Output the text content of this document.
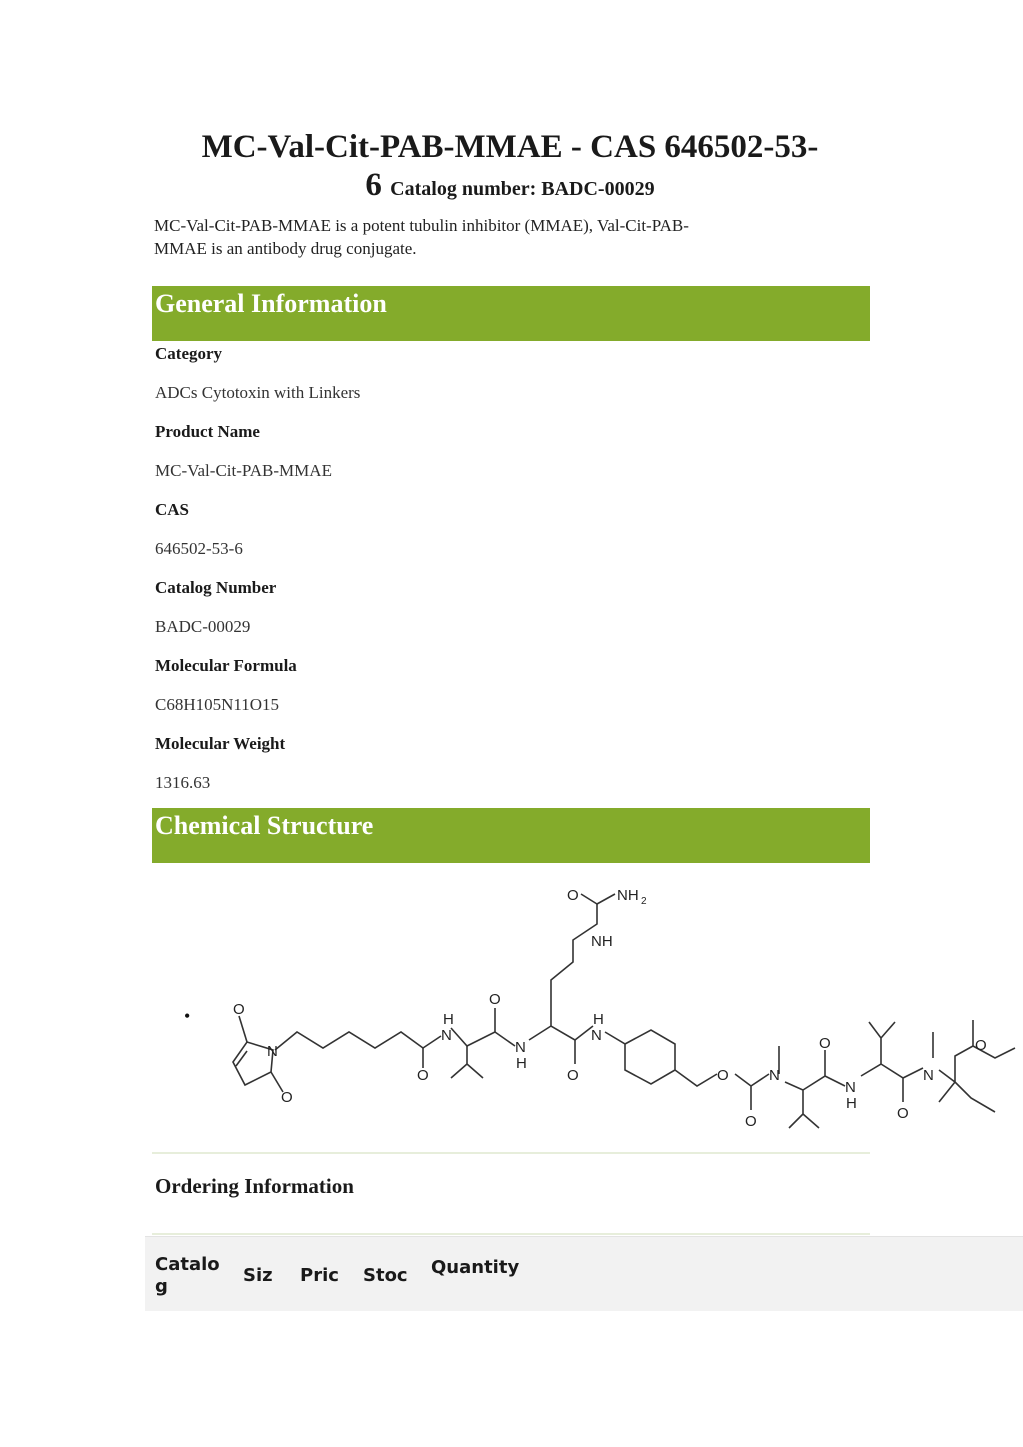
MC-Val-Cit-PAB-MMAE - CAS 646502-53-
6 Catalog number: BADC-00029
MC-Val-Cit-PAB-MMAE is a potent tubulin inhibitor (MMAE), Val-Cit-PAB-
MMAE is an antibody drug conjugate.
General Information
Category
ADCs Cytotoxin with Linkers
Product Name
MC-Val-Cit-PAB-MMAE
CAS
646502-53-6
Catalog Number
BADC-00029
Molecular Formula
C68H105N11O15
Molecular Weight
1316.63
Chemical Structure
•	O
N
O
O
H
N
O
N
H
O
H
N
O	NH 2
NH
O
O
N
O
N
H
O
N
O
Ordering Information
Catalog
Siz Pric Stoc Quantity
